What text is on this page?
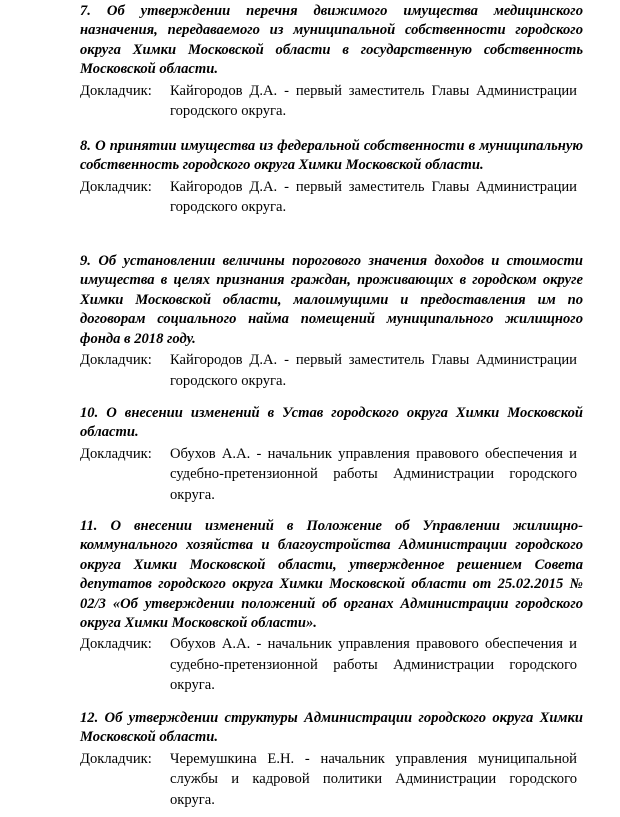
7. Об утверждении перечня движимого имущества медицинского назначения, передаваемого из муниципальной собственности городского округа Химки Московской области в государственную собственность Московской области.

Докладчик:	Кайгородов Д.А. - первый заместитель Главы Администрации городского округа.

8. О принятии имущества из федеральной собственности в муниципальную собственность городского округа Химки Московской области.

Докладчик:	Кайгородов Д.А. - первый заместитель Главы Администрации городского округа.

9. Об установлении величины порогового значения доходов и стоимости имущества в целях признания граждан, проживающих в городском округе Химки Московской области, малоимущими и предоставления им по договорам социального найма помещений муниципального жилищного фонда в 2018 году.

Докладчик:	Кайгородов Д.А. - первый заместитель Главы Администрации городского округа.

10. О внесении изменений в Устав городского округа Химки Московской области.

Докладчик:	Обухов А.А. - начальник управления правового обеспечения и судебно-претензионной работы Администрации городского округа.

11. О внесении изменений в Положение об Управлении жилищно-коммунального хозяйства и благоустройства Администрации городского округа Химки Московской области, утвержденное решением Совета депутатов городского округа Химки Московской области от 25.02.2015 № 02/3 «Об утверждении положений об органах Администрации городского округа Химки Московской области».

Докладчик:	Обухов А.А. - начальник управления правового обеспечения и судебно-претензионной работы Администрации городского округа.

12. Об утверждении структуры Администрации городского округа Химки Московской области.

Докладчик:	Черемушкина Е.Н. - начальник управления муниципальной службы и кадровой политики Администрации городского округа.
